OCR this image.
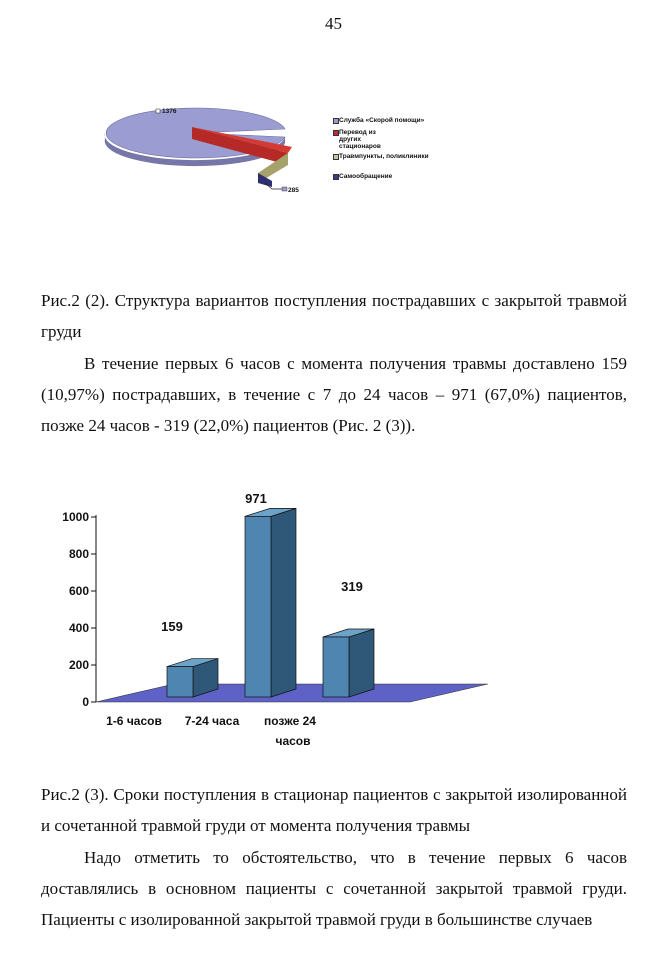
45
1376
285
Служба «Скорой помощи»
Перевод из других стационаров
Травмпункты, поликлиники
Самообращение
Рис.2 (2). Структура вариантов поступления пострадавших с закрытой травмой груди
В течение первых 6 часов с момента получения травмы доставлено 159 (10,97%) пострадавших, в течение с 7 до 24 часов – 971 (67,0%) пациентов, позже 24 часов - 319 (22,0%) пациентов (Рис. 2 (3)).
0
200
400
600
800
1000
159
971
319
1-6 часов 7-24 часа позже 24
часов
Рис.2 (3). Сроки поступления в стационар пациентов с закрытой изолированной и сочетанной травмой груди от момента получения травмы
Надо отметить то обстоятельство, что в течение первых 6 часов доставлялись в основном пациенты с сочетанной закрытой травмой груди. Пациенты с изолированной закрытой травмой груди в большинстве случаев
